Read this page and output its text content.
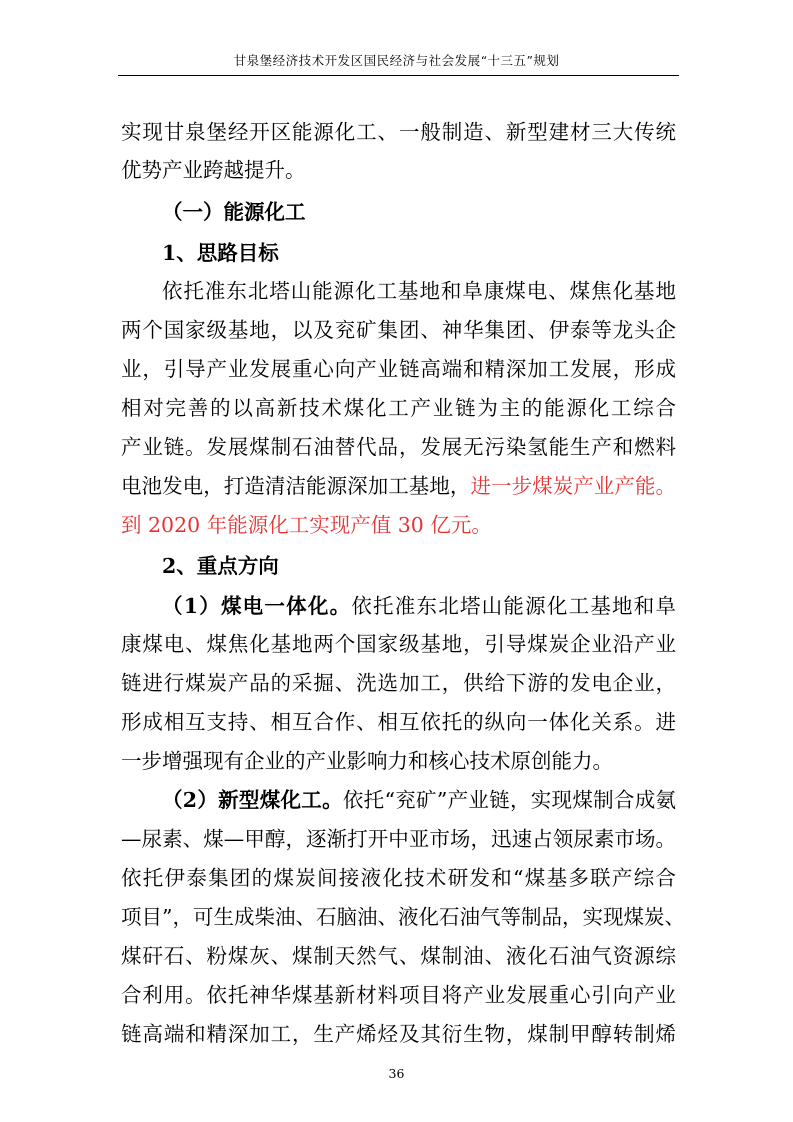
甘泉堡经济技术开发区国民经济与社会发展“十三五”规划
实现甘泉堡经开区能源化工、一般制造、新型建材三大传统
优势产业跨越提升。
（一）能源化工
1、思路目标
依托准东北塔山能源化工基地和阜康煤电、煤焦化基地
两个国家级基地，以及兖矿集团、神华集团、伊泰等龙头企
业，引导产业发展重心向产业链高端和精深加工发展，形成
相对完善的以高新技术煤化工产业链为主的能源化工综合
产业链。发展煤制石油替代品，发展无污染氢能生产和燃料
电池发电，打造清洁能源深加工基地，进一步煤炭产业产能。
到 2020 年能源化工实现产值 30 亿元。
2、重点方向
（1）煤电一体化。依托准东北塔山能源化工基地和阜
康煤电、煤焦化基地两个国家级基地，引导煤炭企业沿产业
链进行煤炭产品的采掘、洗选加工，供给下游的发电企业，
形成相互支持、相互合作、相互依托的纵向一体化关系。进
一步增强现有企业的产业影响力和核心技术原创能力。
（2）新型煤化工。依托“兖矿”产业链，实现煤制合成氨
—尿素、煤—甲醇，逐渐打开中亚市场，迅速占领尿素市场。
依托伊泰集团的煤炭间接液化技术研发和“煤基多联产综合
项目”，可生成柴油、石脑油、液化石油气等制品，实现煤炭、
煤矸石、粉煤灰、煤制天然气、煤制油、液化石油气资源综
合利用。依托神华煤基新材料项目将产业发展重心引向产业
链高端和精深加工，生产烯烃及其衍生物，煤制甲醇转制烯
36
